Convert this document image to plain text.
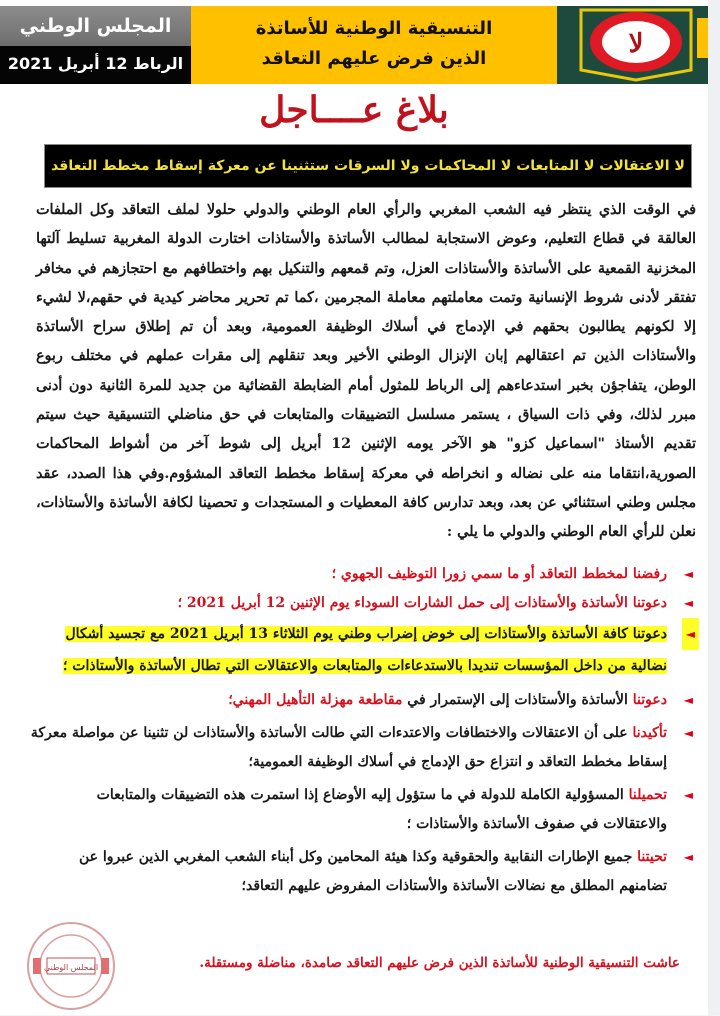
المجلس الوطني
الرباط 12 أبريل 2021
التنسيقية الوطنية للأساتذة
الذين فرض عليهم التعاقد	لا
بلاغ عــــاجل
لا الاعتقالات لا المتابعات لا المحاكمات ولا السرقات ستثنينا عن معركة إسقاط مخطط التعاقد
في الوقت الذي ينتظر فيه الشعب المغربي والرأي العام الوطني والدولي حلولا لملف التعاقد وكل الملفات العالقة في قطاع التعليم، وعوض الاستجابة لمطالب الأساتذة والأستاذات اختارت الدولة المغربية تسليط آلتها المخزنية القمعية على الأساتذة والأستاذات العزل، وتم قمعهم والتنكيل بهم واختطافهم مع احتجازهم في مخافر تفتقر لأدنى شروط الإنسانية وتمت معاملتهم معاملة المجرمين ،كما تم تحرير محاضر كيدية في حقهم،لا لشيء إلا لكونهم يطالبون بحقهم في الإدماج في أسلاك الوظيفة العمومية، وبعد أن تم إطلاق سراح الأساتذة والأستاذات الذين تم اعتقالهم إبان الإنزال الوطني الأخير وبعد تنقلهم إلى مقرات عملهم في مختلف ربوع الوطن، يتفاجؤن بخبر استدعاءهم إلى الرباط للمثول أمام الضابطة القضائية من جديد للمرة الثانية دون أدنى مبرر لذلك، وفي ذات السياق ، يستمر مسلسل التضييقات والمتابعات في حق مناضلي التنسيقية حيث سيتم تقديم الأستاذ "اسماعيل كزو" هو الآخر يومه الإثنين 12 أبريل إلى شوط آخر من أشواط المحاكمات الصورية،انتقاما منه على نضاله و انخراطه في معركة إسقاط مخطط التعاقد المشؤوم.وفي هذا الصدد، عقد مجلس وطني استثنائي عن بعد، وبعد تدارس كافة المعطيات و المستجدات و تحصينا لكافة الأساتذة والأستاذات، نعلن للرأي العام الوطني والدولي ما يلي :
◄
رفضنا لمخطط التعاقد أو ما سمي زورا التوظيف الجهوي ؛
◄
دعوتنا الأساتذة والأستاذات إلى حمل الشارات السوداء يوم الإثنين 12 أبريل 2021 ؛
◄
دعوتنا كافة الأساتذة والأستاذات إلى خوض إضراب وطني يوم الثلاثاء 13 أبريل 2021 مع تجسيد أشكال نضالية من داخل المؤسسات تنديدا بالاستدعاءات والمتابعات والاعتقالات التي تطال الأساتذة والأستاذات ؛
◄
دعوتنا الأساتذة والأستاذات إلى الإستمرار في مقاطعة مهزلة التأهيل المهني؛
◄
تأكيدنا على أن الاعتقالات والاختطافات والاعتدءات التي طالت الأساتذة والأستاذات لن تثنينا عن مواصلة معركة إسقاط مخطط التعاقد و انتزاع حق الإدماج في أسلاك الوظيفة العمومية؛
◄
تحميلنا المسؤولية الكاملة للدولة في ما ستؤول إليه الأوضاع إذا استمرت هذه التضييقات والمتابعات والاعتقالات في صفوف الأساتذة والأستاذات ؛
◄
تحيتنا جميع الإطارات النقابية والحقوقية وكذا هيئة المحامين وكل أبناء الشعب المغربي الذين عبروا عن تضامنهم المطلق مع نضالات الأساتذة والأستاذات المفروض عليهم التعاقد؛
المجلس الوطني	عاشت التنسيقية الوطنية للأساتذة الذين فرض عليهم التعاقد صامدة، مناضلة ومستقلة.
